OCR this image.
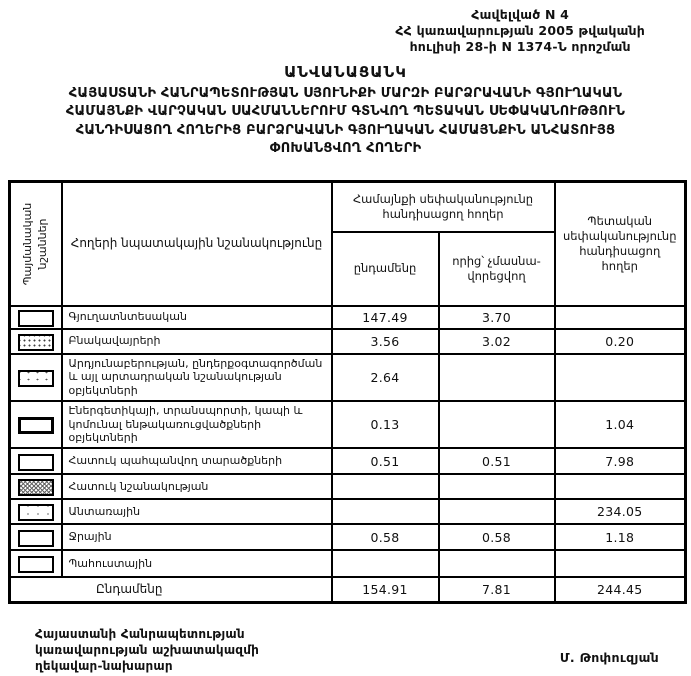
Հավելված N 4
ՀՀ կառավարության 2005 թվականի
հուլիսի 28-ի N 1374-Ն որոշման
ԱՆՎԱՆԱՑԱՆԿ
ՀԱՅԱՍՏԱՆԻ ՀԱՆՐԱՊԵՏՈՒԹՅԱՆ ՍՅՈՒՆԻՔԻ ՄԱՐԶԻ ԲԱՐՁՐԱՎԱՆԻ ԳՅՈՒՂԱԿԱՆ
ՀԱՄԱՅՆՔԻ ՎԱՐՉԱԿԱՆ ՍԱՀՄԱՆՆԵՐՈՒՄ ԳՏՆՎՈՂ ՊԵՏԱԿԱՆ ՍԵՓԱԿԱՆՈՒԹՅՈՒՆ
ՀԱՆԴԻՍԱՑՈՂ ՀՈՂԵՐԻՑ ԲԱՐՁՐԱՎԱՆԻ ԳՅՈՒՂԱԿԱՆ ՀԱՄԱՅՆՔԻՆ ԱՆՀԱՏՈՒՅՑ
ՓՈԽԱՆՑՎՈՂ ՀՈՂԵՐԻ
Պայմանական նշաններ	Հողերի նպատակային նշանակությունը	Համայնքի սեփականությունը հանդիսացող հողեր		Պետական սեփականությունը հանդիսացող հողեր
		ընդամենը	որից՝ չմասնա-վորեցվող	
	Գյուղատնտեսական	147.49	3.70	
	Բնակավայրերի	3.56	3.02	0.20
	Արդյունաբերության, ընդերքօգտագործման և այլ արտադրական նշանակության օբյեկտների	2.64		
	Էներգետիկայի, տրանսպորտի, կապի և կոմունալ ենթակառուցվածքների օբյեկտների	0.13		1.04
	Հատուկ պահպանվող տարածքների	0.51	0.51	7.98
	Հատուկ նշանակության			
	Անտառային			234.05
	Ջրային	0.58	0.58	1.18
	Պահուստային			
Ընդամենը		154.91	7.81	244.45
Հայաստանի Հանրապետության
կառավարության աշխատակազմի
ղեկավար-նախարար
Մ. Թոփուզյան
